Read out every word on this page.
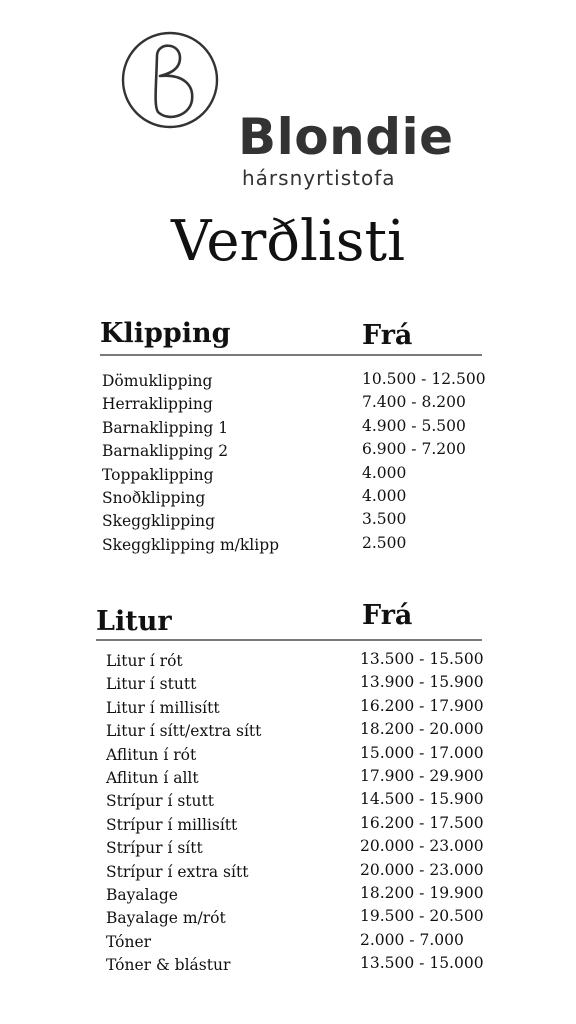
Blondie
hársnyrtistofa
Verðlisti
Klipping	Frá
Dömuklipping	10.500 - 12.500
Herraklipping	7.400 - 8.200
Barnaklipping 1	4.900 - 5.500
Barnaklipping 2	6.900 - 7.200
Toppaklipping	4.000
Snoðklipping	4.000
Skeggklipping	3.500
Skeggklipping m/klipp	2.500
Litur	Frá
Litur í rót	13.500 - 15.500
Litur í stutt	13.900 - 15.900
Litur í millisítt	16.200 - 17.900
Litur í sítt/extra sítt	18.200 - 20.000
Aflitun í rót	15.000 - 17.000
Aflitun í allt	17.900 - 29.900
Strípur í stutt	14.500 - 15.900
Strípur í millisítt	16.200 - 17.500
Strípur í sítt	20.000 - 23.000
Strípur í extra sítt	20.000 - 23.000
Bayalage	18.200 - 19.900
Bayalage m/rót	19.500 - 20.500
Tóner	2.000 - 7.000
Tóner & blástur	13.500 - 15.000
